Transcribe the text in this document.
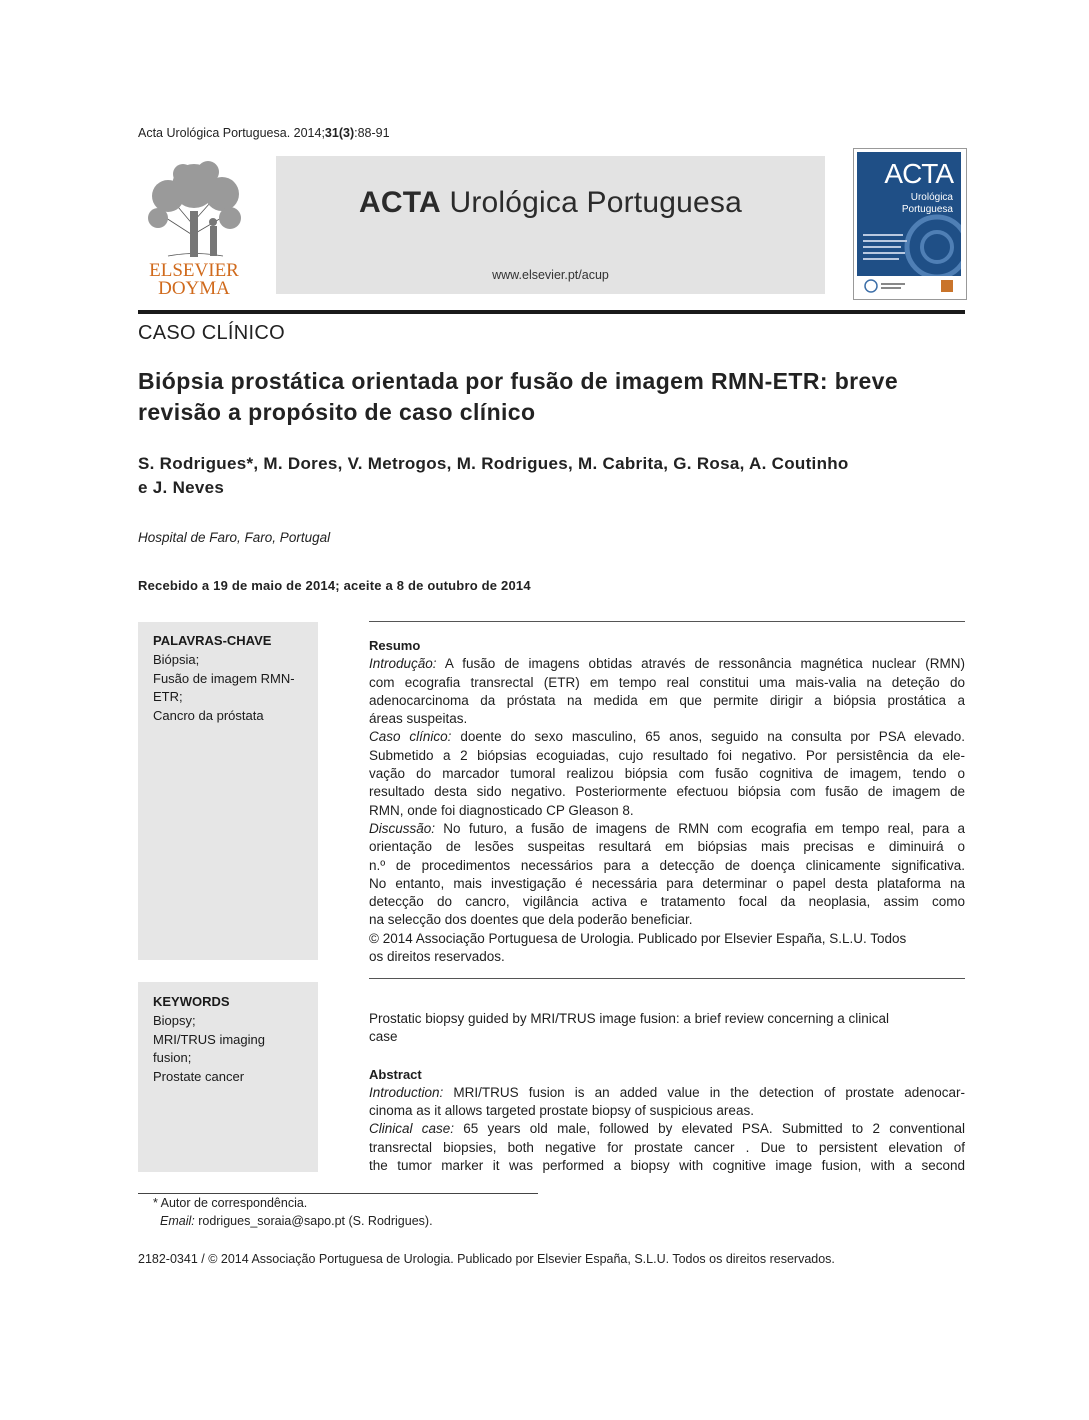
Acta Urológica Portuguesa. 2014;31(3):88-91
ELSEVIER
DOYMA
ACTA Urológica Portuguesa
www.elsevier.pt/acup
ACTA
Urológica
Portuguesa
CASO CLÍNICO
Biópsia prostática orientada por fusão de imagem RMN-ETR: breve
revisão a propósito de caso clínico
S. Rodrigues*, M. Dores, V. Metrogos, M. Rodrigues, M. Cabrita, G. Rosa, A. Coutinho
e J. Neves
Hospital de Faro, Faro, Portugal
Recebido a 19 de maio de 2014; aceite a 8 de outubro de 2014
PALAVRAS-CHAVE
Biópsia;
Fusão de imagem RMN-
ETR;
Cancro da próstata
Resumo
Introdução: A fusão de imagens obtidas através de ressonância magnética nuclear (RMN)
com ecografia transrectal (ETR) em tempo real constitui uma mais-valia na deteção do
adenocarcinoma da próstata na medida em que permite dirigir a biópsia prostática a
áreas suspeitas.
Caso clínico: doente do sexo masculino, 65 anos, seguido na consulta por PSA elevado.
Submetido a 2 biópsias ecoguiadas, cujo resultado foi negativo. Por persistência da ele-
vação do marcador tumoral realizou biópsia com fusão cognitiva de imagem, tendo o
resultado desta sido negativo. Posteriormente efectuou biópsia com fusão de imagem de
RMN, onde foi diagnosticado CP Gleason 8.
Discussão: No futuro, a fusão de imagens de RMN com ecografia em tempo real, para a
orientação de lesões suspeitas resultará em biópsias mais precisas e diminuirá o
n.º de procedimentos necessários para a detecção de doença clinicamente significativa.
No entanto, mais investigação é necessária para determinar o papel desta plataforma na
detecção do cancro, vigilância activa e tratamento focal da neoplasia, assim como
na selecção dos doentes que dela poderão beneficiar.
© 2014 Associação Portuguesa de Urologia. Publicado por Elsevier España, S.L.U. Todos
os direitos reservados.
KEYWORDS
Biopsy;
MRI/TRUS imaging
fusion;
Prostate cancer
Prostatic biopsy guided by MRI/TRUS image fusion: a brief review concerning a clinical
case
Abstract
Introduction: MRI/TRUS fusion is an added value in the detection of prostate adenocar-
cinoma as it allows targeted prostate biopsy of suspicious areas.
Clinical case: 65 years old male, followed by elevated PSA. Submitted to 2 conventional
transrectal biopsies, both negative for prostate cancer . Due to persistent elevation of
the tumor marker it was performed a biopsy with cognitive image fusion, with a second
* Autor de correspondência.
Email: rodrigues_soraia@sapo.pt (S. Rodrigues).
2182-0341 / © 2014 Associação Portuguesa de Urologia. Publicado por Elsevier España, S.L.U. Todos os direitos reservados.
